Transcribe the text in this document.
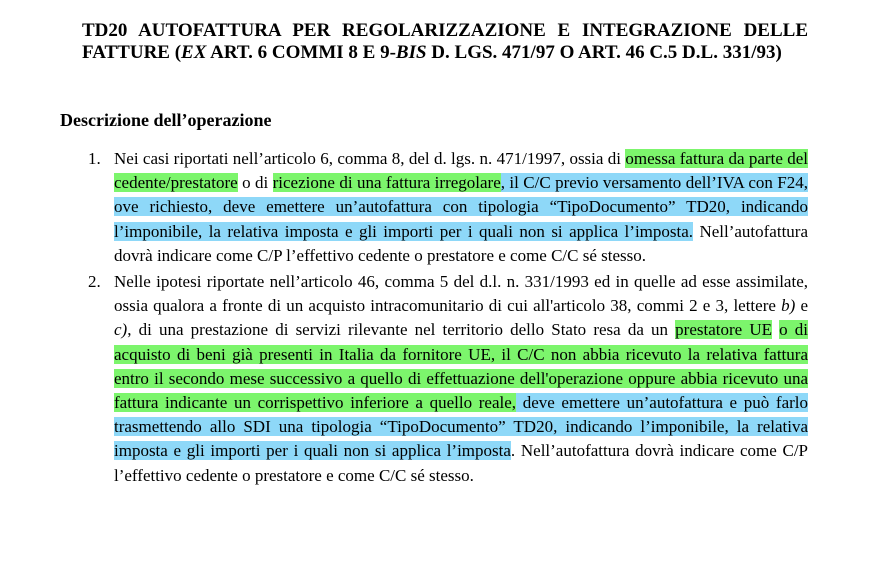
TD20 AUTOFATTURA PER REGOLARIZZAZIONE E INTEGRAZIONE DELLE FATTURE (EX ART. 6 COMMI 8 E 9-BIS D. LGS. 471/97 O ART. 46 C.5 D.L. 331/93)
Descrizione dell’operazione
1. Nei casi riportati nell’articolo 6, comma 8, del d. lgs. n. 471/1997, ossia di omessa fattura da parte del cedente/prestatore o di ricezione di una fattura irregolare, il C/C previo versamento dell’IVA con F24, ove richiesto, deve emettere un’autofattura con tipologia “TipoDocumento” TD20, indicando l’imponibile, la relativa imposta e gli importi per i quali non si applica l’imposta. Nell’autofattura dovrà indicare come C/P l’effettivo cedente o prestatore e come C/C sé stesso.
2. Nelle ipotesi riportate nell’articolo 46, comma 5 del d.l. n. 331/1993 ed in quelle ad esse assimilate, ossia qualora a fronte di un acquisto intracomunitario di cui all'articolo 38, commi 2 e 3, lettere b) e c), di una prestazione di servizi rilevante nel territorio dello Stato resa da un prestatore UE o di acquisto di beni già presenti in Italia da fornitore UE, il C/C non abbia ricevuto la relativa fattura entro il secondo mese successivo a quello di effettuazione dell'operazione oppure abbia ricevuto una fattura indicante un corrispettivo inferiore a quello reale, deve emettere un’autofattura e può farlo trasmettendo allo SDI una tipologia “TipoDocumento” TD20, indicando l’imponibile, la relativa imposta e gli importi per i quali non si applica l’imposta. Nell’autofattura dovrà indicare come C/P l’effettivo cedente o prestatore e come C/C sé stesso.
